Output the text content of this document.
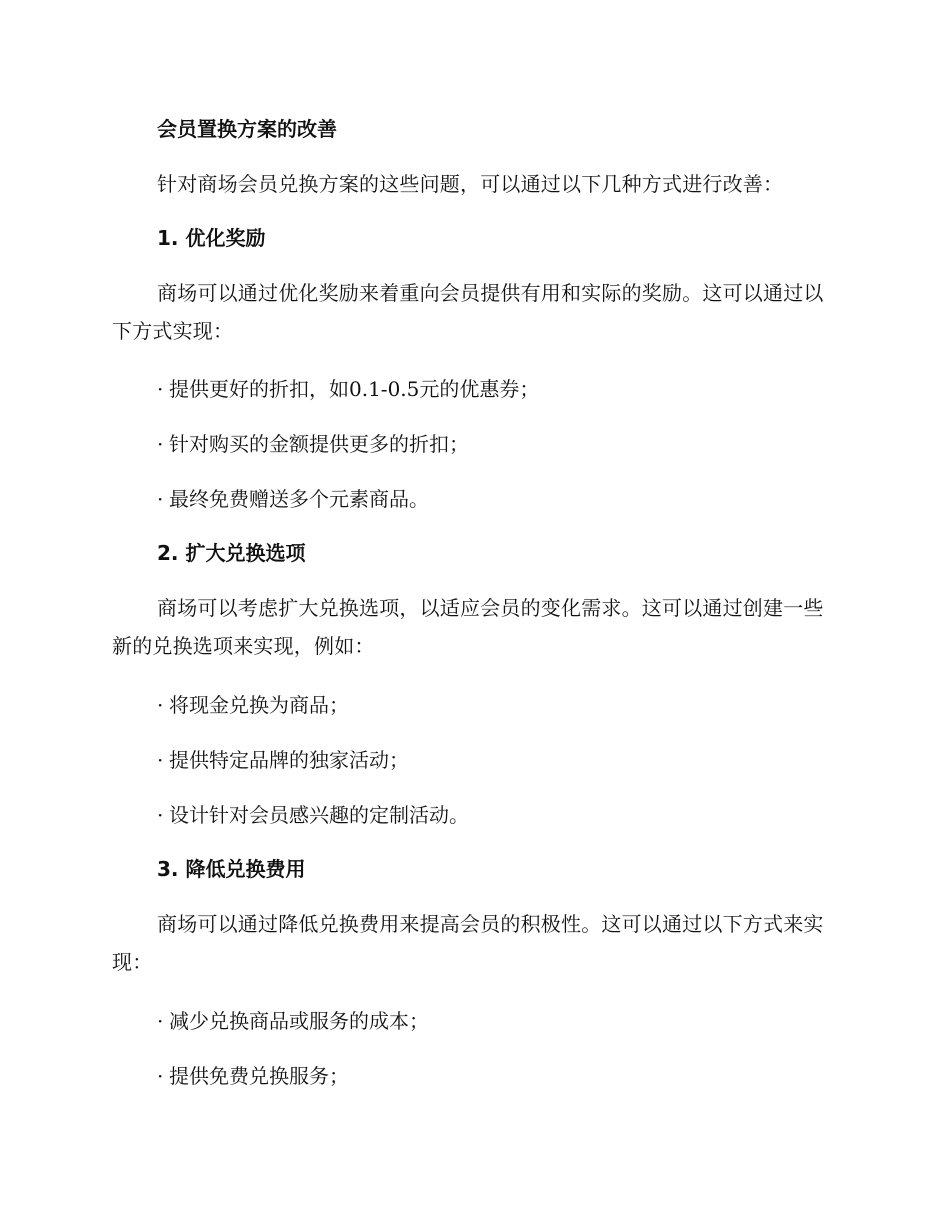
会员置换方案的改善

针对商场会员兑换方案的这些问题，可以通过以下几种方式进行改善：

1. 优化奖励

商场可以通过优化奖励来着重向会员提供有用和实际的奖励。这可以通过以下方式实现：

· 提供更好的折扣，如0.1-0.5元的优惠券；

· 针对购买的金额提供更多的折扣；

· 最终免费赠送多个元素商品。

2. 扩大兑换选项

商场可以考虑扩大兑换选项，以适应会员的变化需求。这可以通过创建一些新的兑换选项来实现，例如：

· 将现金兑换为商品；

· 提供特定品牌的独家活动；

· 设计针对会员感兴趣的定制活动。

3. 降低兑换费用

商场可以通过降低兑换费用来提高会员的积极性。这可以通过以下方式来实现：

· 减少兑换商品或服务的成本；

· 提供免费兑换服务；
